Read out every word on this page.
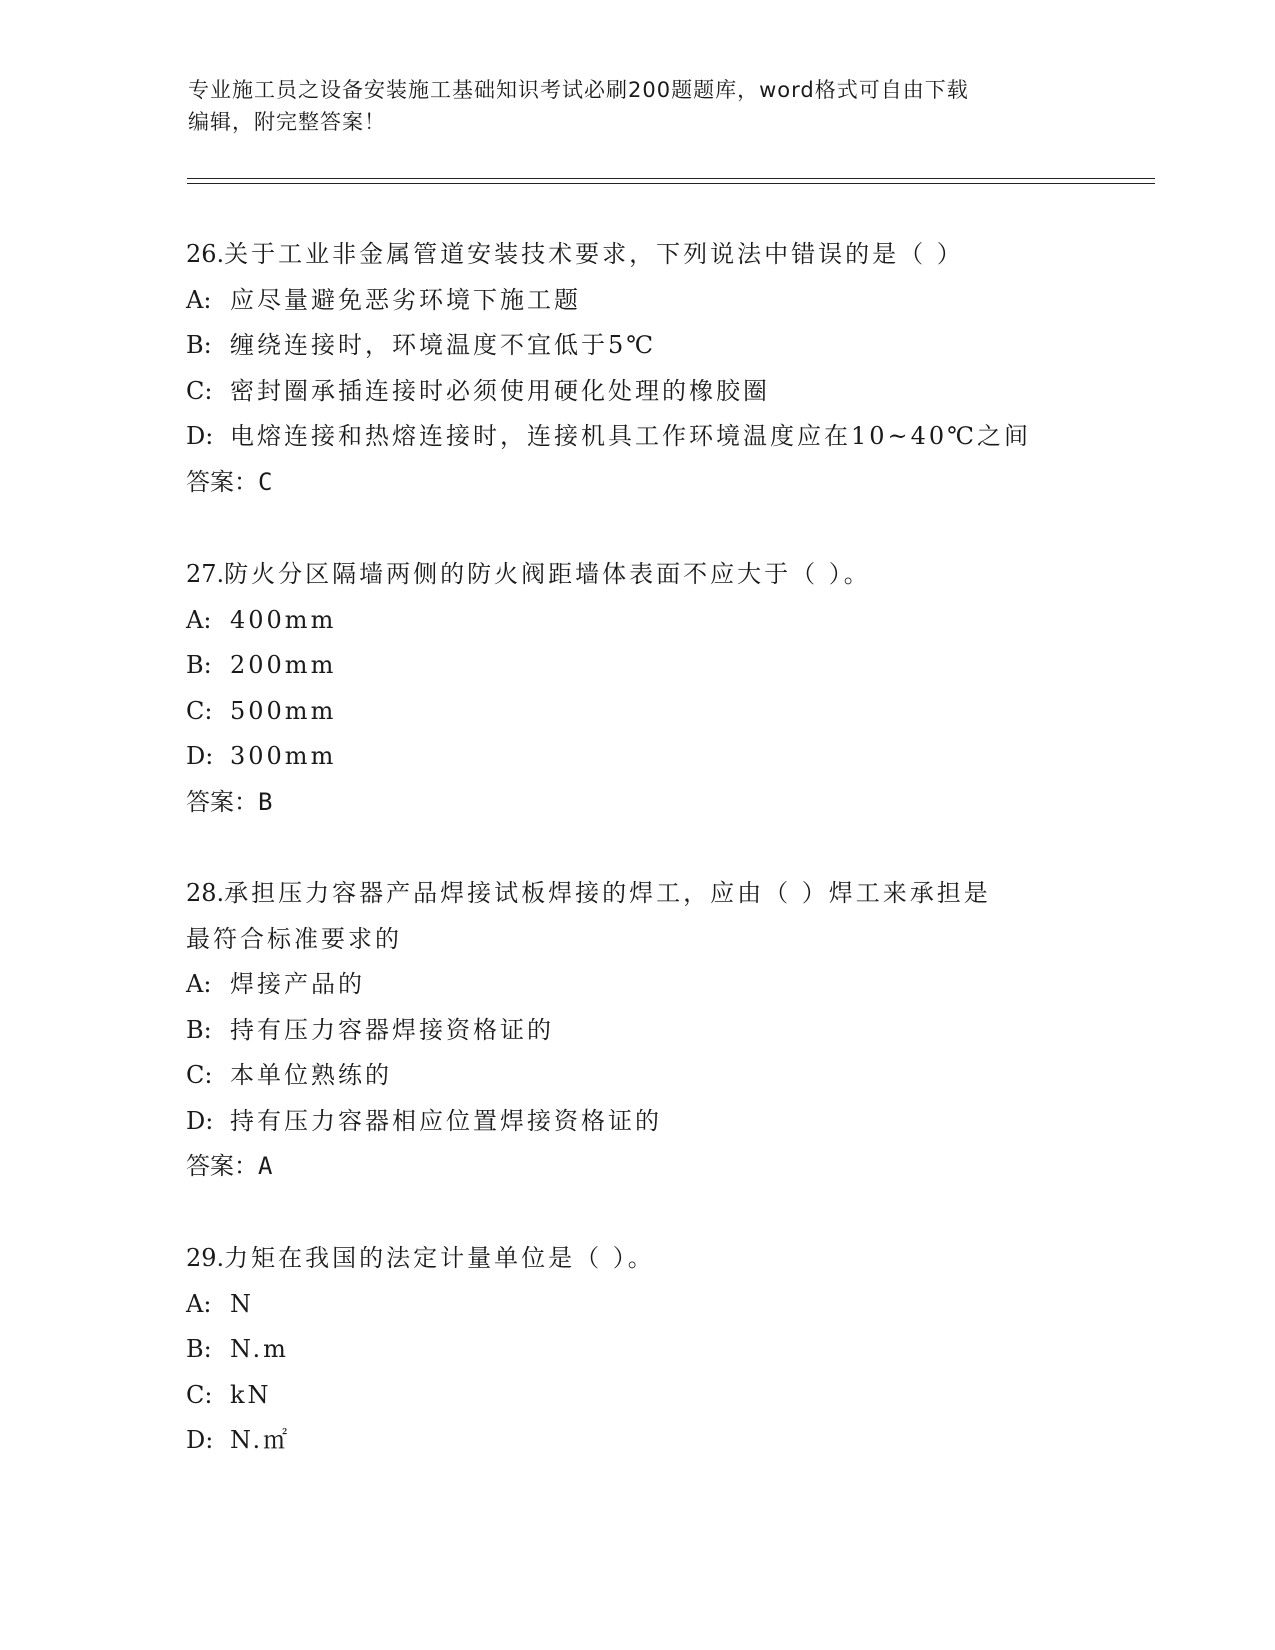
专业施工员之设备安装施工基础知识考试必刷200题题库，word格式可自由下载
编辑，附完整答案！
26.关于工业非金属管道安装技术要求，下列说法中错误的是（ ）
A: 应尽量避免恶劣环境下施工题
B: 缠绕连接时，环境温度不宜低于5℃
C: 密封圈承插连接时必须使用硬化处理的橡胶圈
D: 电熔连接和热熔连接时，连接机具工作环境温度应在10~40℃之间
答案：C
27.防火分区隔墙两侧的防火阀距墙体表面不应大于（ ）。
A: 400mm
B: 200mm
C: 500mm
D: 300mm
答案：B
28.承担压力容器产品焊接试板焊接的焊工，应由（ ）焊工来承担是
最符合标准要求的
A: 焊接产品的
B: 持有压力容器焊接资格证的
C: 本单位熟练的
D: 持有压力容器相应位置焊接资格证的
答案：A
29.力矩在我国的法定计量单位是（ ）。
A: N
B: N.m
C: kN
D: N.㎡
